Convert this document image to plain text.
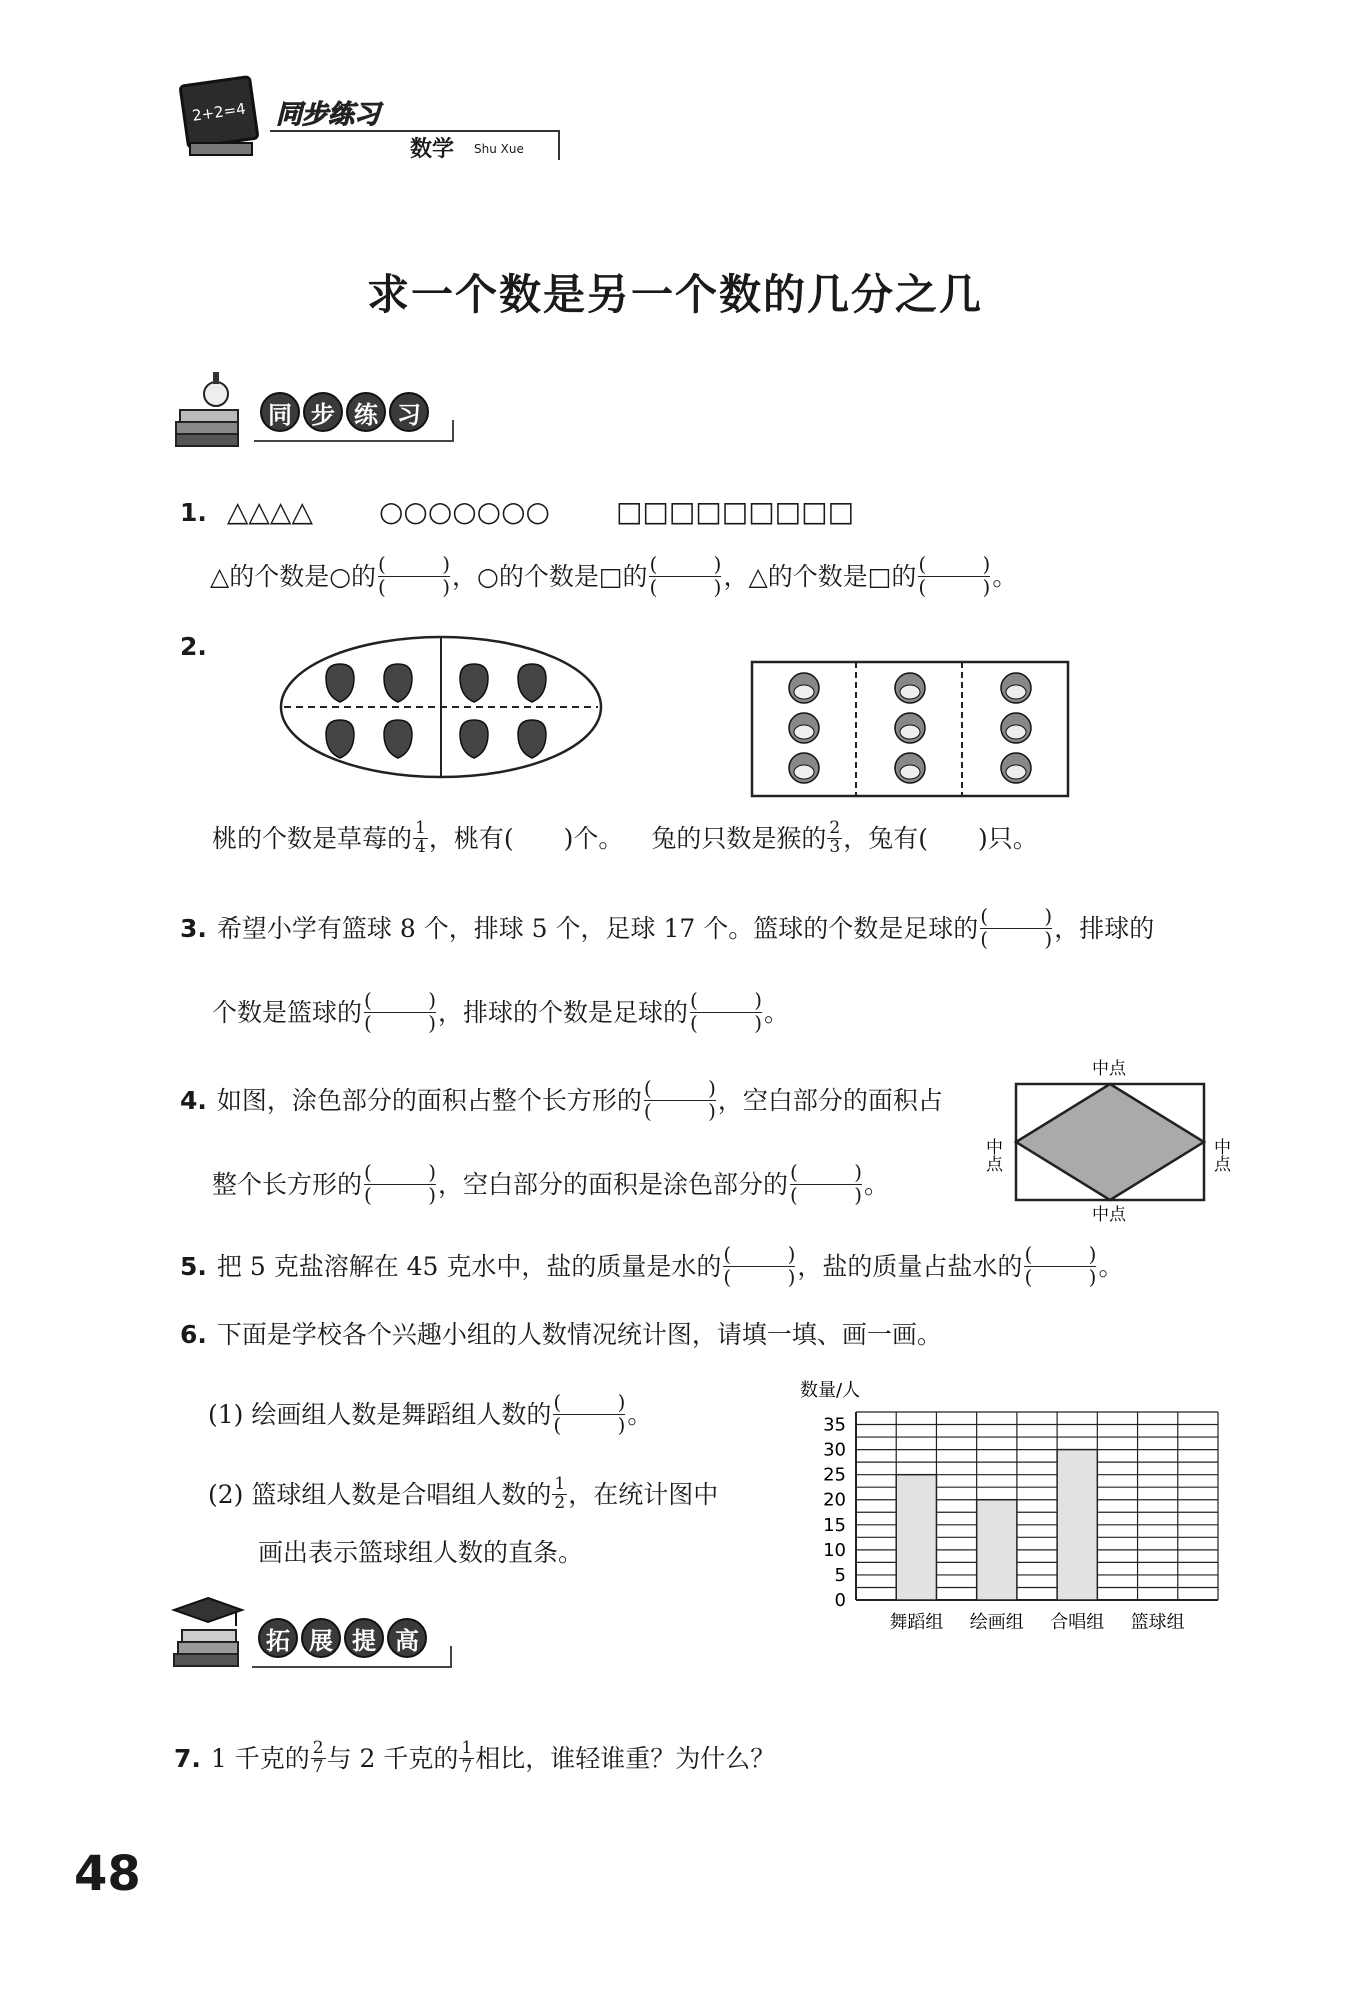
2+2=4 同步练习
数学 Shu Xue
求一个数是另一个数的几分之几
同 步 练 习
1. △△△△ ○○○○○○○ □□□□□□□□□
△的个数是○的 (	)
(	) ，○的个数是□的 (	)
(	) ，△的个数是□的 (	)
(	) 。
2.
桃的个数是草莓的 $\frac{1}{4}$ ，桃有(　　)个。 兔的只数是猴的 $\frac{2}{3}$ ，兔有(　　)只。
3. 希望小学有篮球 8 个，排球 5 个，足球 17 个。篮球的个数是足球的 (	)
(	) ，排球的
个数是篮球的 (	)
(	) ，排球的个数是足球的 (	)
(	) 。
4. 如图，涂色部分的面积占整个长方形的 (	)
(	) ，空白部分的面积占
整个长方形的 (	)
(	) ，空白部分的面积是涂色部分的 (	)
(	) 。
中点
中点
中点	中点
5. 把 5 克盐溶解在 45 克水中，盐的质量是水的 (	)
(	) ，盐的质量占盐水的 (	)
(	) 。
6. 下面是学校各个兴趣小组的人数情况统计图，请填一填、画一画。
(1) 绘画组人数是舞蹈组人数的 (	)
(	) 。
(2) 篮球组人数是合唱组人数的 $\frac{1}{2}$ ，在统计图中
画出表示篮球组人数的直条。
数量/人
35
30
25
20
15
10
5
0
舞蹈组 绘画组 合唱组 篮球组
拓 展 提 高
7. 1 千克的 $\frac{2}{7}$ 与 2 千克的 $\frac{1}{7}$ 相比，谁轻谁重？为什么？
48
